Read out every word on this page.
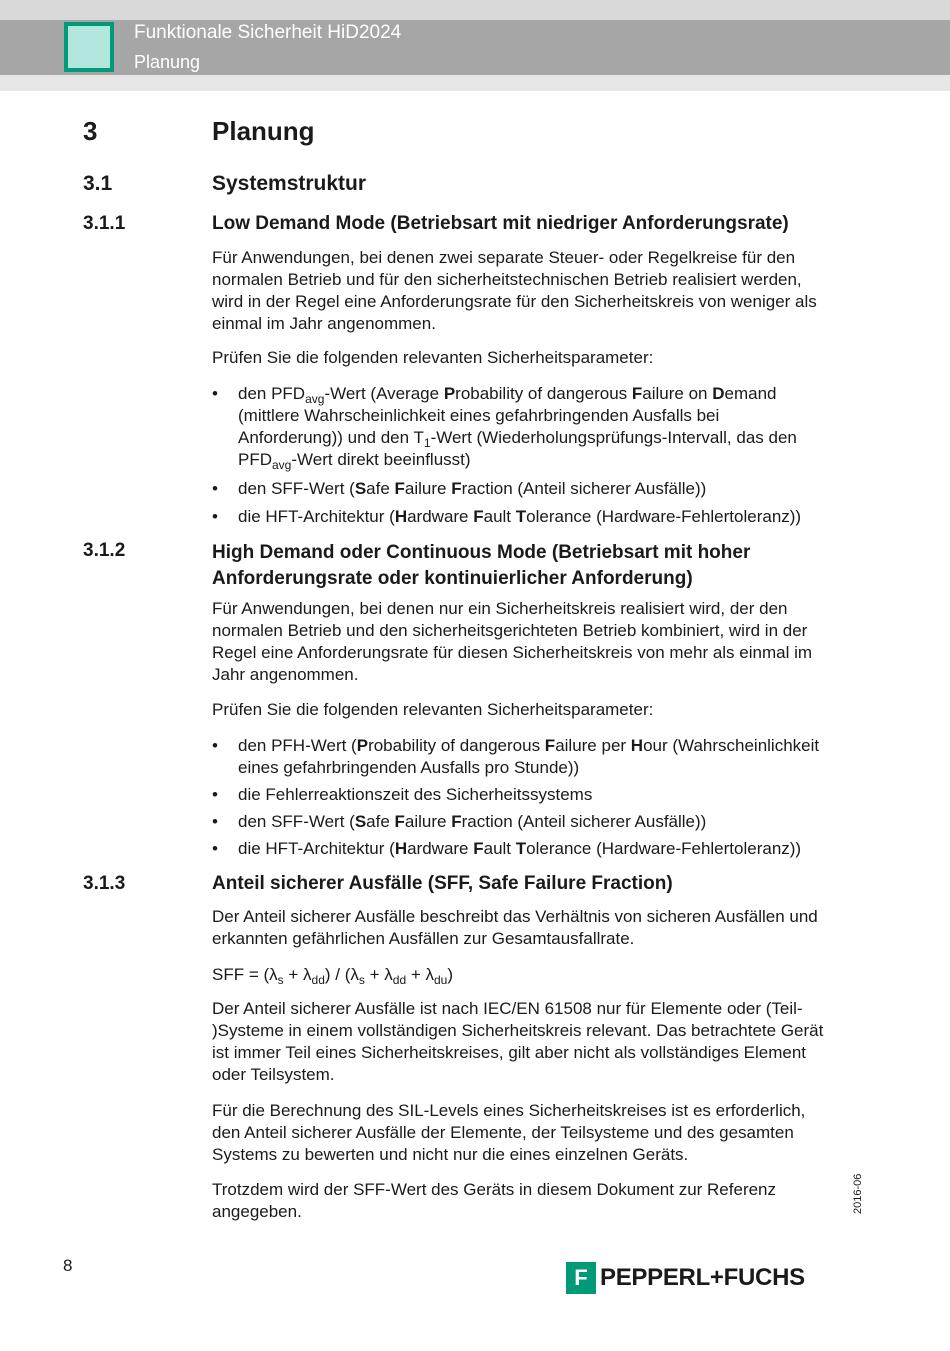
Funktionale Sicherheit HiD2024
Planung
3	Planung
3.1	Systemstruktur
3.1.1	Low Demand Mode (Betriebsart mit niedriger Anforderungsrate)
Für Anwendungen, bei denen zwei separate Steuer- oder Regelkreise für den
normalen Betrieb und für den sicherheitstechnischen Betrieb realisiert werden,
wird in der Regel eine Anforderungsrate für den Sicherheitskreis von weniger als
einmal im Jahr angenommen.
Prüfen Sie die folgenden relevanten Sicherheitsparameter:
• den $PFD_{avg}$-Wert (Average Probability of dangerous Failure on Demand
(mittlere Wahrscheinlichkeit eines gefahrbringenden Ausfalls bei
Anforderung)) und den $T_1$-Wert (Wiederholungsprüfungs-Intervall, das den
$PFD_{avg}$-Wert direkt beeinflusst)
• den SFF-Wert (Safe Failure Fraction (Anteil sicherer Ausfälle))
• die HFT-Architektur (Hardware Fault Tolerance (Hardware-Fehlertoleranz))
3.1.2	High Demand oder Continuous Mode (Betriebsart mit hoher
Anforderungsrate oder kontinuierlicher Anforderung)
Für Anwendungen, bei denen nur ein Sicherheitskreis realisiert wird, der den
normalen Betrieb und den sicherheitsgerichteten Betrieb kombiniert, wird in der
Regel eine Anforderungsrate für diesen Sicherheitskreis von mehr als einmal im
Jahr angenommen.
Prüfen Sie die folgenden relevanten Sicherheitsparameter:
• den PFH-Wert (Probability of dangerous Failure per Hour (Wahrscheinlichkeit
eines gefahrbringenden Ausfalls pro Stunde))
• die Fehlerreaktionszeit des Sicherheitssystems
• den SFF-Wert (Safe Failure Fraction (Anteil sicherer Ausfälle))
• die HFT-Architektur (Hardware Fault Tolerance (Hardware-Fehlertoleranz))
3.1.3	Anteil sicherer Ausfälle (SFF, Safe Failure Fraction)
Der Anteil sicherer Ausfälle beschreibt das Verhältnis von sicheren Ausfällen und
erkannten gefährlichen Ausfällen zur Gesamtausfallrate.
SFF = $(\lambda_s + \lambda_{dd}) / (\lambda_s + \lambda_{dd} + \lambda_{du})$
Der Anteil sicherer Ausfälle ist nach IEC/EN 61508 nur für Elemente oder (Teil-
)Systeme in einem vollständigen Sicherheitskreis relevant. Das betrachtete Gerät
ist immer Teil eines Sicherheitskreises, gilt aber nicht als vollständiges Element
oder Teilsystem.
Für die Berechnung des SIL-Levels eines Sicherheitskreises ist es erforderlich,
den Anteil sicherer Ausfälle der Elemente, der Teilsysteme und des gesamten
Systems zu bewerten und nicht nur die eines einzelnen Geräts.
Trotzdem wird der SFF-Wert des Geräts in diesem Dokument zur Referenz
angegeben.
8
2016-06
F PEPPERL+FUCHS
